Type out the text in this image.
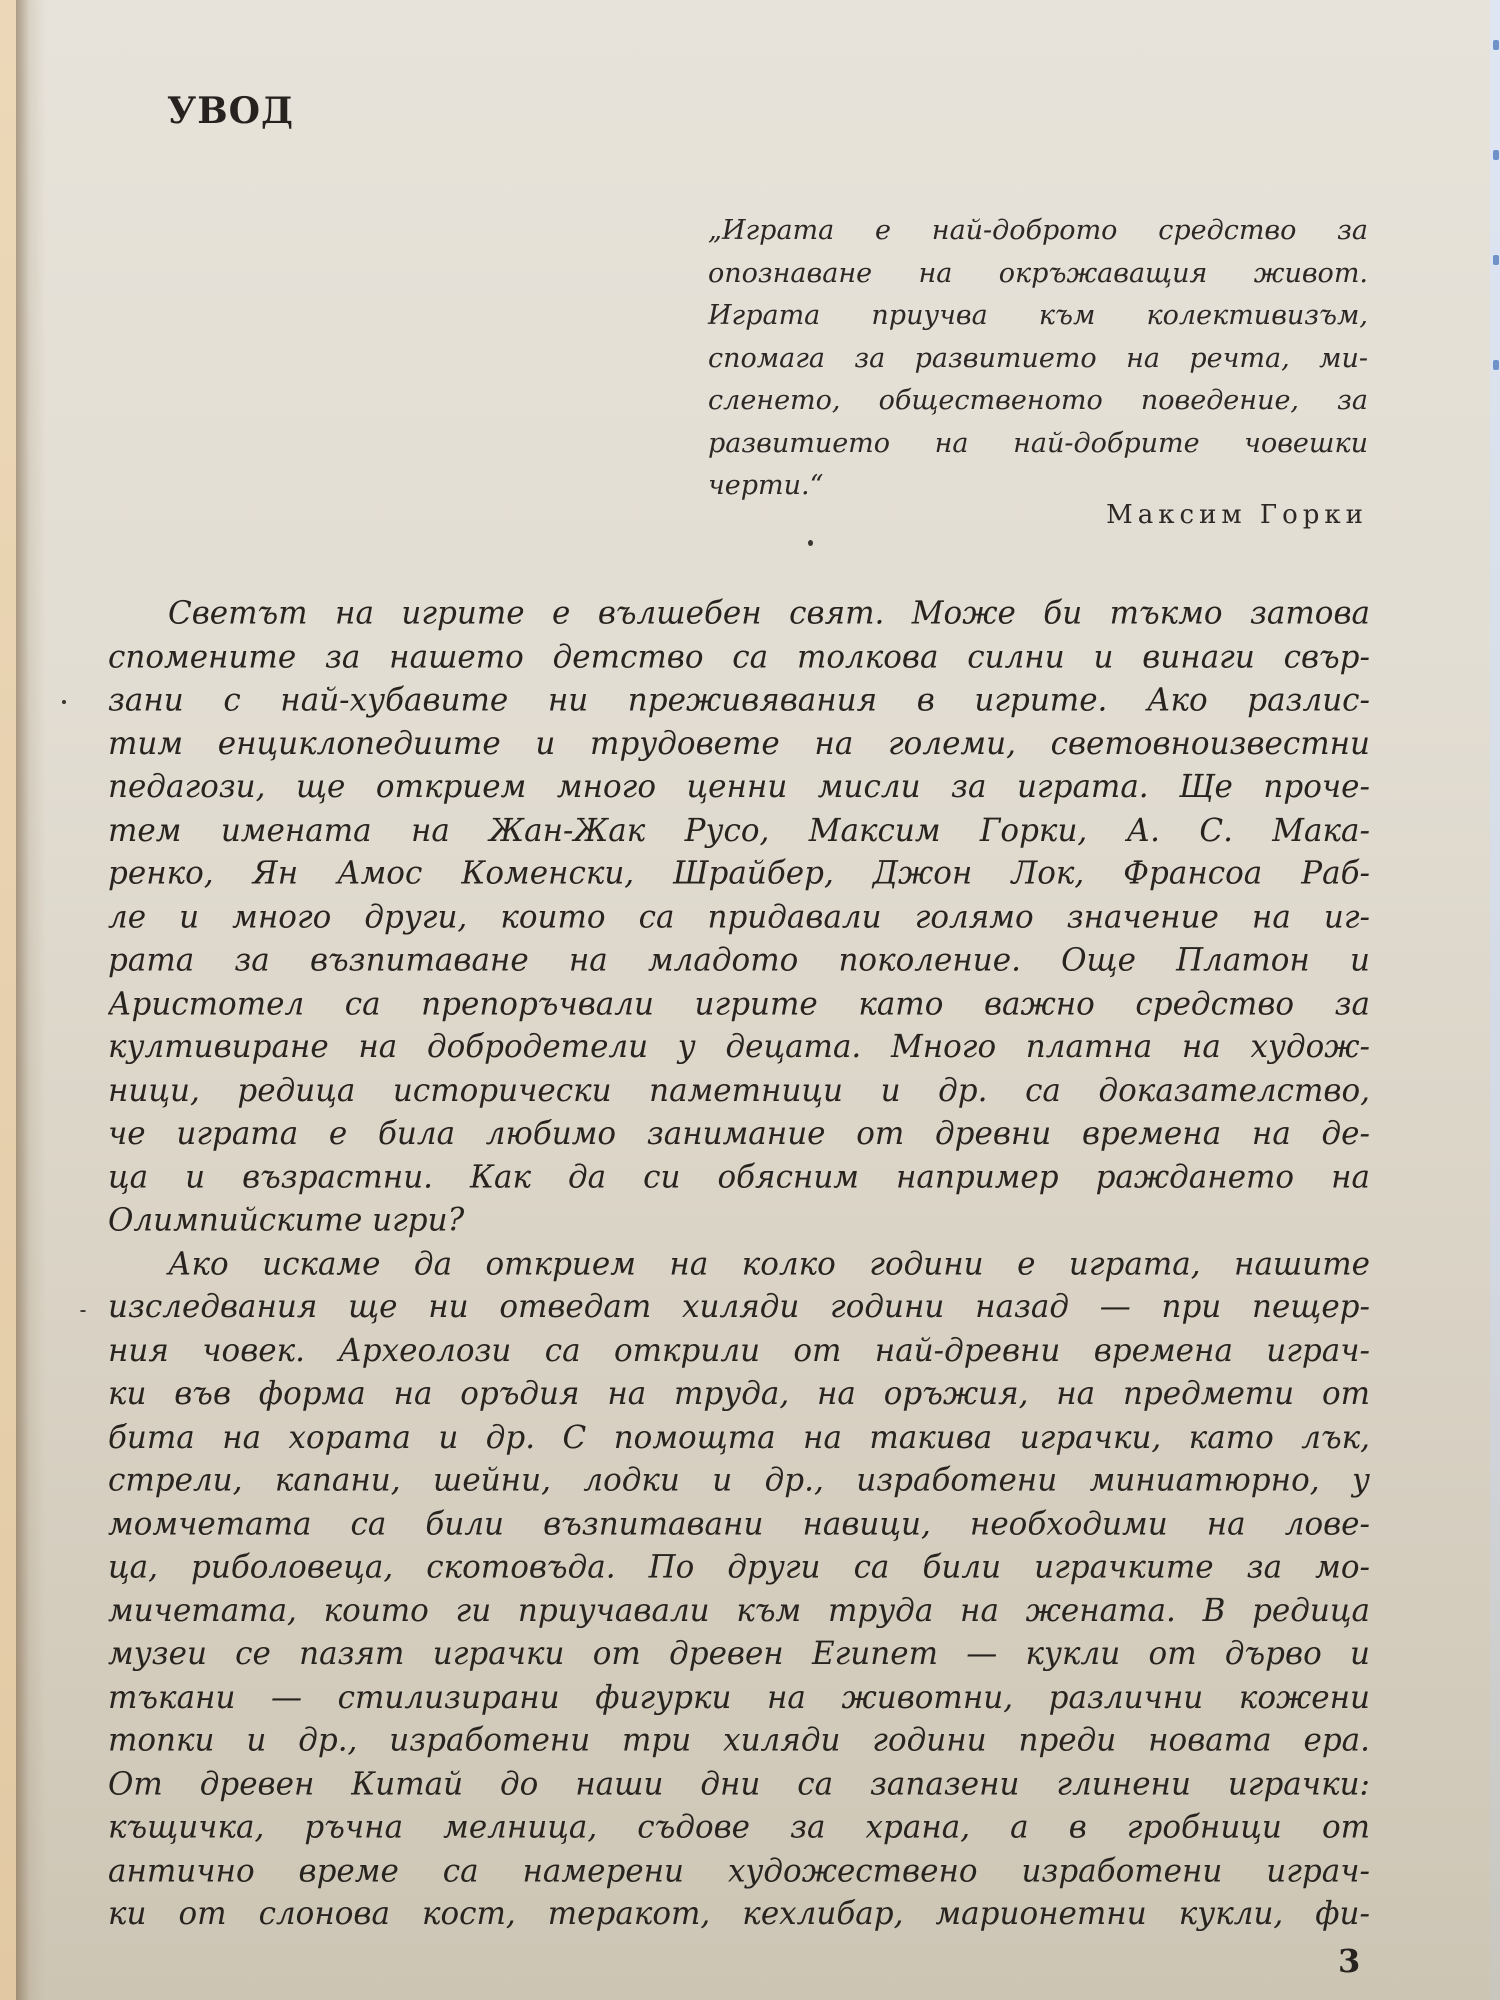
УВОД
„Играта е най-доброто средство за
опознаване на окръжаващия живот.
Играта приучва към колективизъм,
спомага за развитието на речта, ми-
сленето, общественото поведение, за
развитието на най-добрите човешки
черти.“
Максим Горки
Светът на игрите е вълшебен свят. Може би тъкмо затова
спомените за нашето детство са толкова силни и винаги свър-
зани с най-хубавите ни преживявания в игрите. Ако разлис-
тим енциклопедиите и трудовете на големи, световноизвестни
педагози, ще открием много ценни мисли за играта. Ще проче-
тем имената на Жан-Жак Русо, Максим Горки, А. С. Мака-
ренко, Ян Амос Коменски, Шрайбер, Джон Лок, Франсоа Раб-
ле и много други, които са придавали голямо значение на иг-
рата за възпитаване на младото поколение. Още Платон и
Аристотел са препоръчвали игрите като важно средство за
култивиране на добродетели у децата. Много платна на худож-
ници, редица исторически паметници и др. са доказателство,
че играта е била любимо занимание от древни времена на де-
ца и възрастни. Как да си обясним например раждането на
Олимпийските игри?
Ако искаме да открием на колко години е играта, нашите
изследвания ще ни отведат хиляди години назад — при пещер-
ния човек. Археолози са открили от най-древни времена играч-
ки във форма на оръдия на труда, на оръжия, на предмети от
бита на хората и др. С помощта на такива играчки, като лък,
стрели, капани, шейни, лодки и др., изработени миниатюрно, у
момчетата са били възпитавани навици, необходими на лове-
ца, риболовеца, скотовъда. По други са били играчките за мо-
мичетата, които ги приучавали към труда на жената. В редица
музеи се пазят играчки от древен Египет — кукли от дърво и
тъкани — стилизирани фигурки на животни, различни кожени
топки и др., изработени три хиляди години преди новата ера.
От древен Китай до наши дни са запазени глинени играчки:
къщичка, ръчна мелница, съдове за храна, а в гробници от
антично време са намерени художествено изработени играч-
ки от слонова кост, теракот, кехлибар, марионетни кукли, фи-
3
